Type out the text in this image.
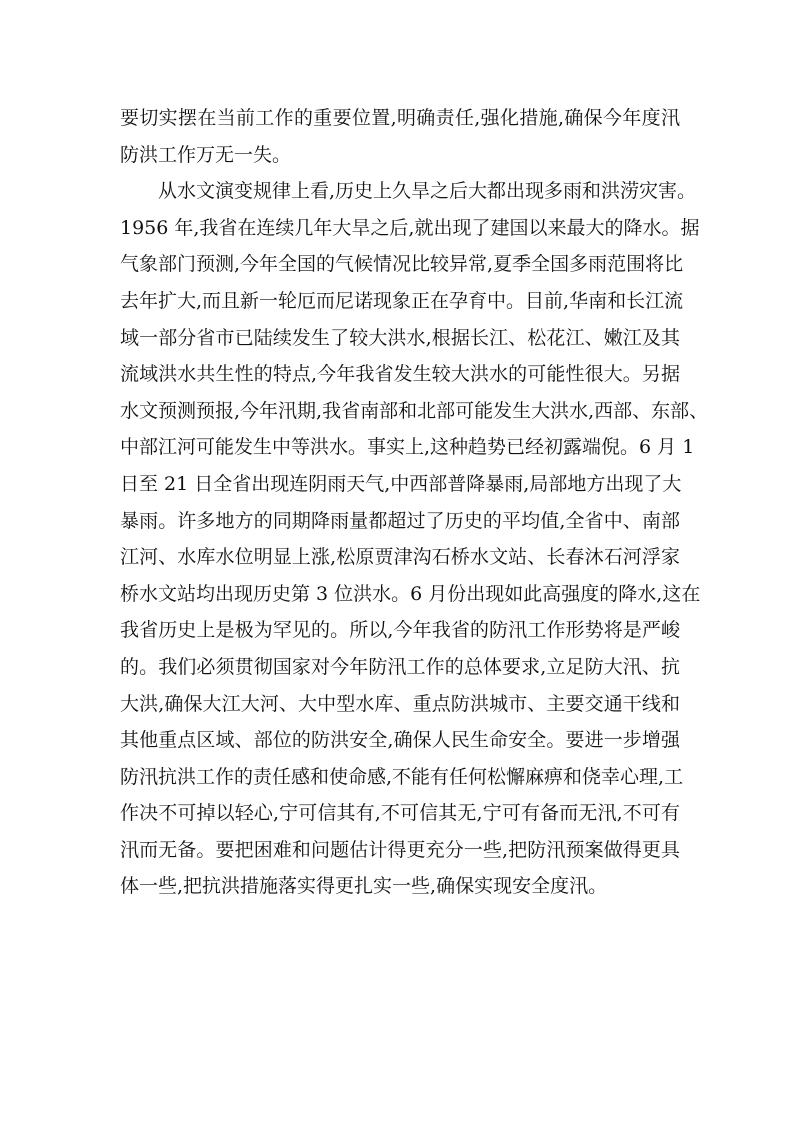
要切实摆在当前工作的重要位置,明确责任,强化措施,确保今年度汛
防洪工作万无一失。
从水文演变规律上看,历史上久旱之后大都出现多雨和洪涝灾害。
1956 年,我省在连续几年大旱之后,就出现了建国以来最大的降水。据
气象部门预测,今年全国的气候情况比较异常,夏季全国多雨范围将比
去年扩大,而且新一轮厄而尼诺现象正在孕育中。目前,华南和长江流
域一部分省市已陆续发生了较大洪水,根据长江、松花江、嫩江及其
流域洪水共生性的特点,今年我省发生较大洪水的可能性很大。另据
水文预测预报,今年汛期,我省南部和北部可能发生大洪水,西部、东部、
中部江河可能发生中等洪水。事实上,这种趋势已经初露端倪。6 月 1
日至 21 日全省出现连阴雨天气,中西部普降暴雨,局部地方出现了大
暴雨。许多地方的同期降雨量都超过了历史的平均值,全省中、南部
江河、水库水位明显上涨,松原贾津沟石桥水文站、长春沐石河浮家
桥水文站均出现历史第 3 位洪水。6 月份出现如此高强度的降水,这在
我省历史上是极为罕见的。所以,今年我省的防汛工作形势将是严峻
的。我们必须贯彻国家对今年防汛工作的总体要求,立足防大汛、抗
大洪,确保大江大河、大中型水库、重点防洪城市、主要交通干线和
其他重点区域、部位的防洪安全,确保人民生命安全。要进一步增强
防汛抗洪工作的责任感和使命感,不能有任何松懈麻痹和侥幸心理,工
作决不可掉以轻心,宁可信其有,不可信其无,宁可有备而无汛,不可有
汛而无备。要把困难和问题估计得更充分一些,把防汛预案做得更具
体一些,把抗洪措施落实得更扎实一些,确保实现安全度汛。
